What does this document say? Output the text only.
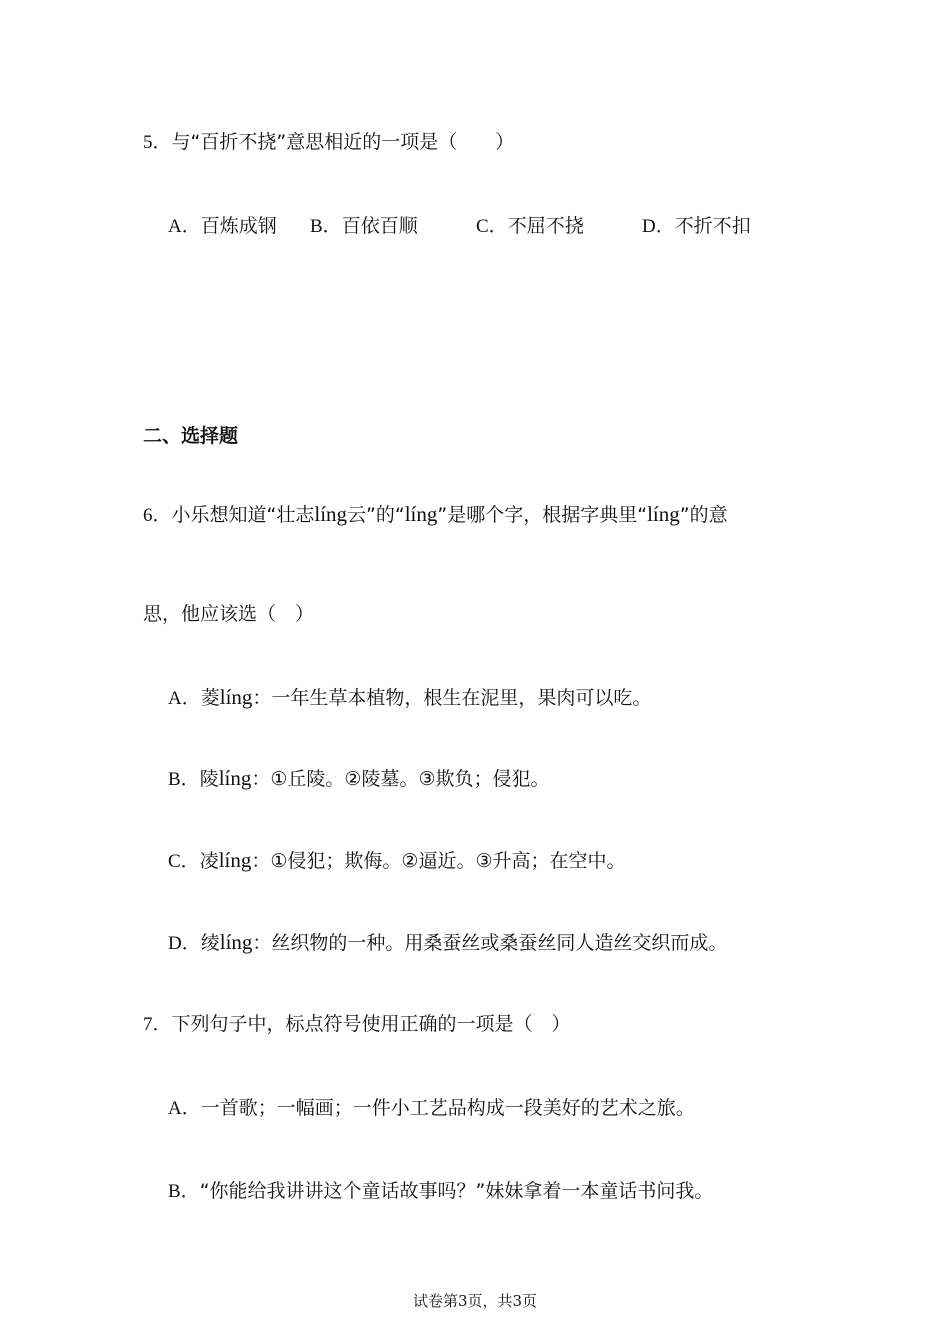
5．与“百折不挠”意思相近的一项是（　　）
A．百炼成钢 B．百依百顺	C．不屈不挠	D．不折不扣
二、选择题
6．小乐想知道“壮志líng云”的“líng”是哪个字，根据字典里“líng”的意
思，他应该选（　）
A．菱líng：一年生草本植物，根生在泥里，果肉可以吃。
B．陵líng：①丘陵。②陵墓。③欺负；侵犯。
C．凌líng：①侵犯；欺侮。②逼近。③升高；在空中。
D．绫líng：丝织物的一种。用桑蚕丝或桑蚕丝同人造丝交织而成。
7．下列句子中，标点符号使用正确的一项是（　）
A．一首歌；一幅画；一件小工艺品构成一段美好的艺术之旅。
B．“你能给我讲讲这个童话故事吗？”妹妹拿着一本童话书问我。
试卷第3页，共3页
